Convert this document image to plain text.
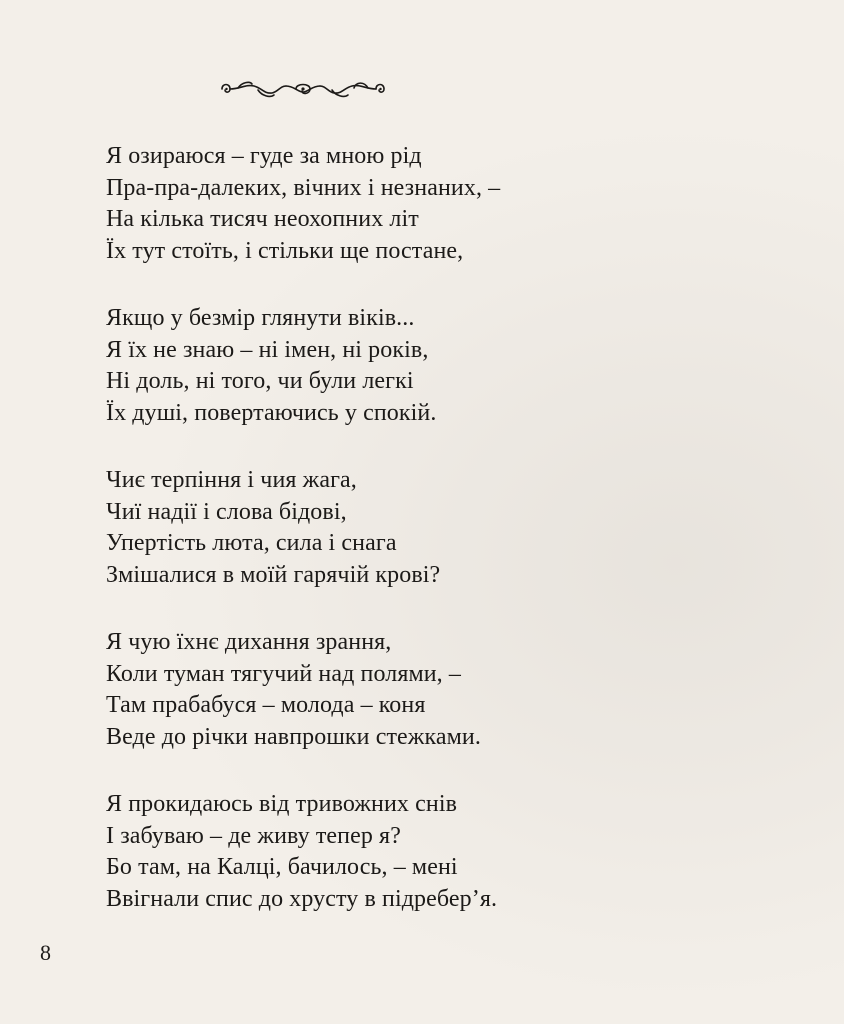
Я озираюся – гуде за мною рід
Пра-пра-далеких, вічних і незнаних, –
На кілька тисяч неохопних літ
Їх тут стоїть, і стільки ще постане,
Якщо у безмір глянути віків...
Я їх не знаю – ні імен, ні років,
Ні доль, ні того, чи були легкі
Їх душі, повертаючись у спокій.
Чиє терпіння і чия жага,
Чиї надії і слова бідові,
Упертість люта, сила і снага
Змішалися в моїй гарячій крові?
Я чую їхнє дихання зрання,
Коли туман тягучий над полями, –
Там прабабуся – молода – коня
Веде до річки навпрошки стежками.
Я прокидаюсь від тривожних снів
І забуваю – де живу тепер я?
Бо там, на Калці, бачилось, – мені
Ввігнали спис до хрусту в підребер’я.
8
